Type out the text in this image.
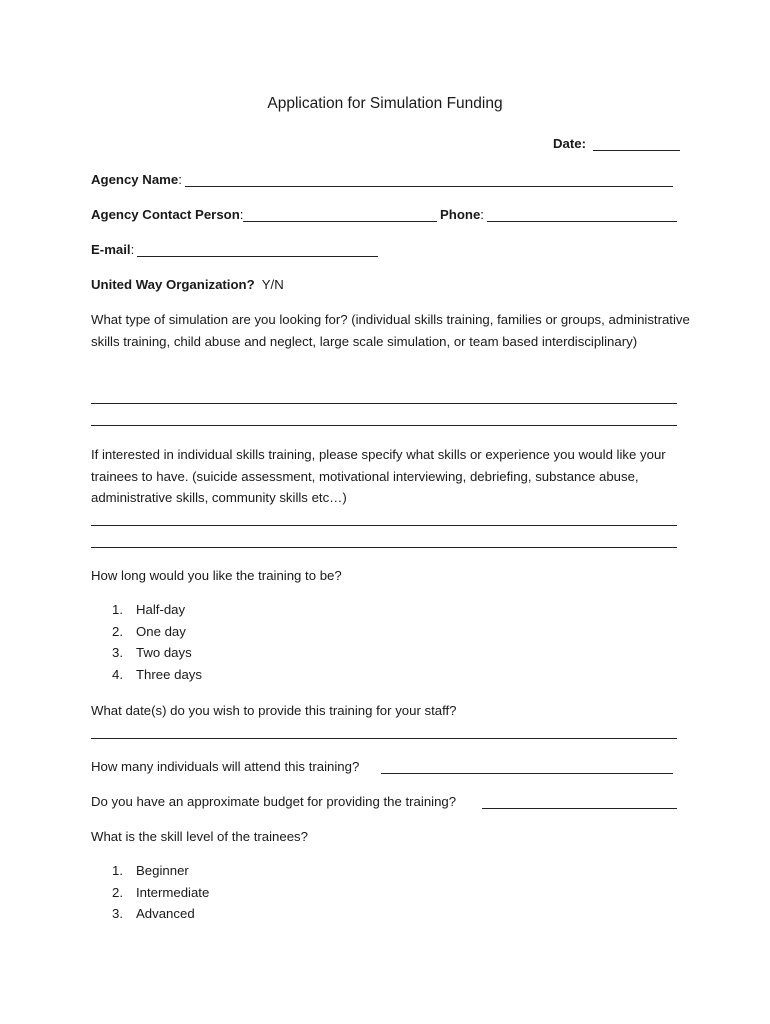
Application for Simulation Funding
Date:
Agency Name:
Agency Contact Person:	Phone:
E-mail:
United Way Organization? Y/N
What type of simulation are you looking for? (individual skills training, families or groups, administrative skills training, child abuse and neglect, large scale simulation, or team based interdisciplinary)
If interested in individual skills training, please specify what skills or experience you would like your trainees to have. (suicide assessment, motivational interviewing, debriefing, substance abuse, administrative skills, community skills etc…)
How long would you like the training to be?
1. Half-day
2. One day
3. Two days
4. Three days
What date(s) do you wish to provide this training for your staff?
How many individuals will attend this training?
Do you have an approximate budget for providing the training?
What is the skill level of the trainees?
1. Beginner
2. Intermediate
3. Advanced
